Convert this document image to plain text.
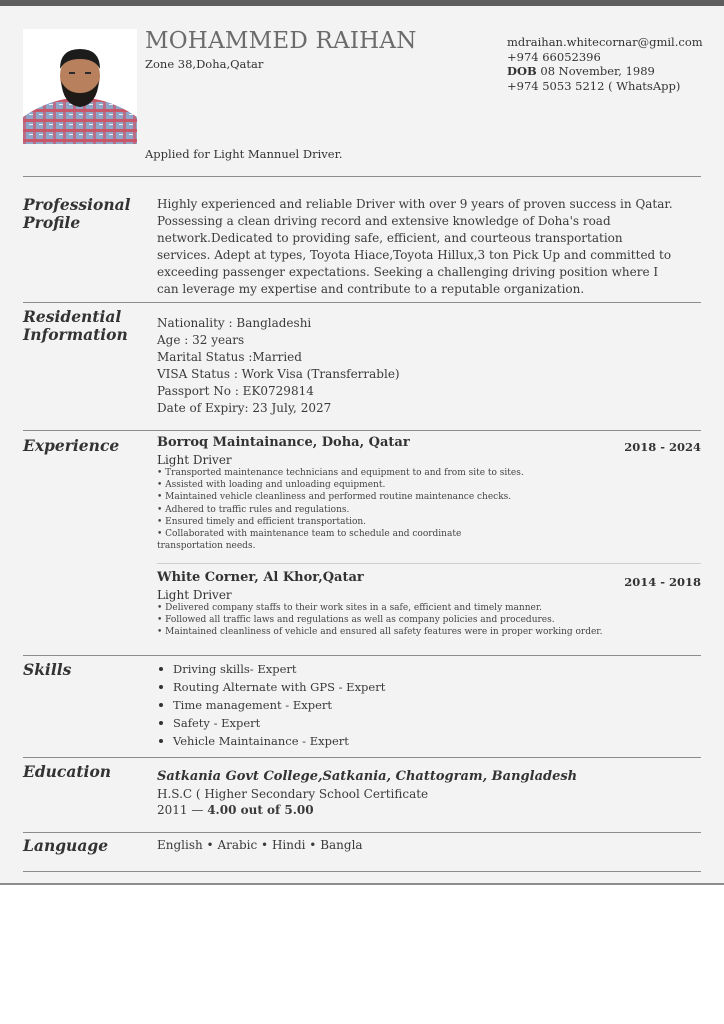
MOHAMMED RAIHAN
Zone 38,Doha,Qatar
mdraihan.whitecornar@gmil.com
+974 66052396
DOB 08 November, 1989
+974 5053 5212 ( WhatsApp)
Applied for Light Mannuel Driver.
Professional
Profile
Highly experienced and reliable Driver with over 9 years of proven success in Qatar. Possessing a clean driving record and extensive knowledge of Doha's road network.Dedicated to providing safe, efficient, and courteous transportation services. Adept at types, Toyota Hiace,Toyota Hillux,3 ton Pick Up and committed to exceeding passenger expectations. Seeking a challenging driving position where I can leverage my expertise and contribute to a reputable organization.
Residential
Information
Nationality : Bangladeshi
Age : 32 years
Marital Status :Married
VISA Status : Work Visa (Transferrable)
Passport No : EK0729814
Date of Expiry: 23 July, 2027
Experience	Borroq Maintainance, Doha, Qatar	2018 - 2024
Light Driver
• Transported maintenance technicians and equipment to and from site to sites.
• Assisted with loading and unloading equipment.
• Maintained vehicle cleanliness and performed routine maintenance checks.
• Adhered to traffic rules and regulations.
• Ensured timely and efficient transportation.
• Collaborated with maintenance team to schedule and coordinate transportation needs.
White Corner, Al Khor,Qatar	2014 - 2018
Light Driver
• Delivered company staffs to their work sites in a safe, efficient and timely manner.
• Followed all traffic laws and regulations as well as company policies and procedures.
• Maintained cleanliness of vehicle and ensured all safety features were in proper working order.
Skills	Driving skills- Expert
Routing Alternate with GPS - Expert
Time management - Expert
Safety - Expert
Vehicle Maintainance - Expert
Education	Satkania Govt College,Satkania, Chattogram, Bangladesh
H.S.C ( Higher Secondary School Certificate
2011 — 4.00 out of 5.00
Language	English • Arabic • Hindi • Bangla
